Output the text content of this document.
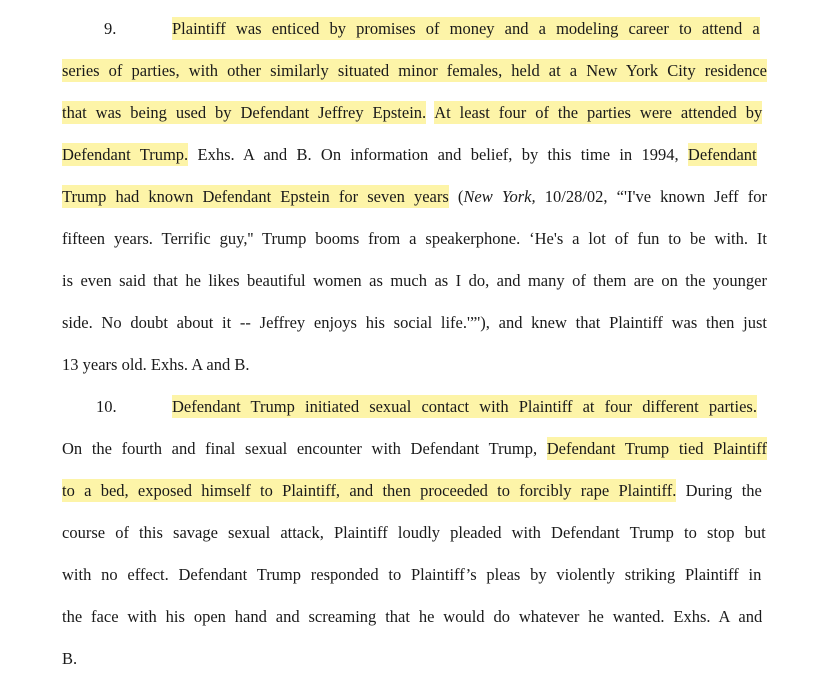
9.	Plaintiff was enticed by promises of money and a modeling career to attend a
series of parties, with other similarly situated minor females, held at a New York City residence
that was being used by Defendant Jeffrey Epstein. At least four of the parties were attended by
Defendant Trump. Exhs. A and B. On information and belief, by this time in 1994, Defendant
Trump had known Defendant Epstein for seven years (New York, 10/28/02, “'I've known Jeff for
fifteen years. Terrific guy,'' Trump booms from a speakerphone. ‘He's a lot of fun to be with. It
is even said that he likes beautiful women as much as I do, and many of them are on the younger
side. No doubt about it -- Jeffrey enjoys his social life.'”'), and knew that Plaintiff was then just
13 years old. Exhs. A and B.
10.	Defendant Trump initiated sexual contact with Plaintiff at four different parties.
On the fourth and final sexual encounter with Defendant Trump, Defendant Trump tied Plaintiff
to a bed, exposed himself to Plaintiff, and then proceeded to forcibly rape Plaintiff. During the
course of this savage sexual attack, Plaintiff loudly pleaded with Defendant Trump to stop but
with no effect. Defendant Trump responded to Plaintiff’s pleas by violently striking Plaintiff in
the face with his open hand and screaming that he would do whatever he wanted. Exhs. A and
B.
